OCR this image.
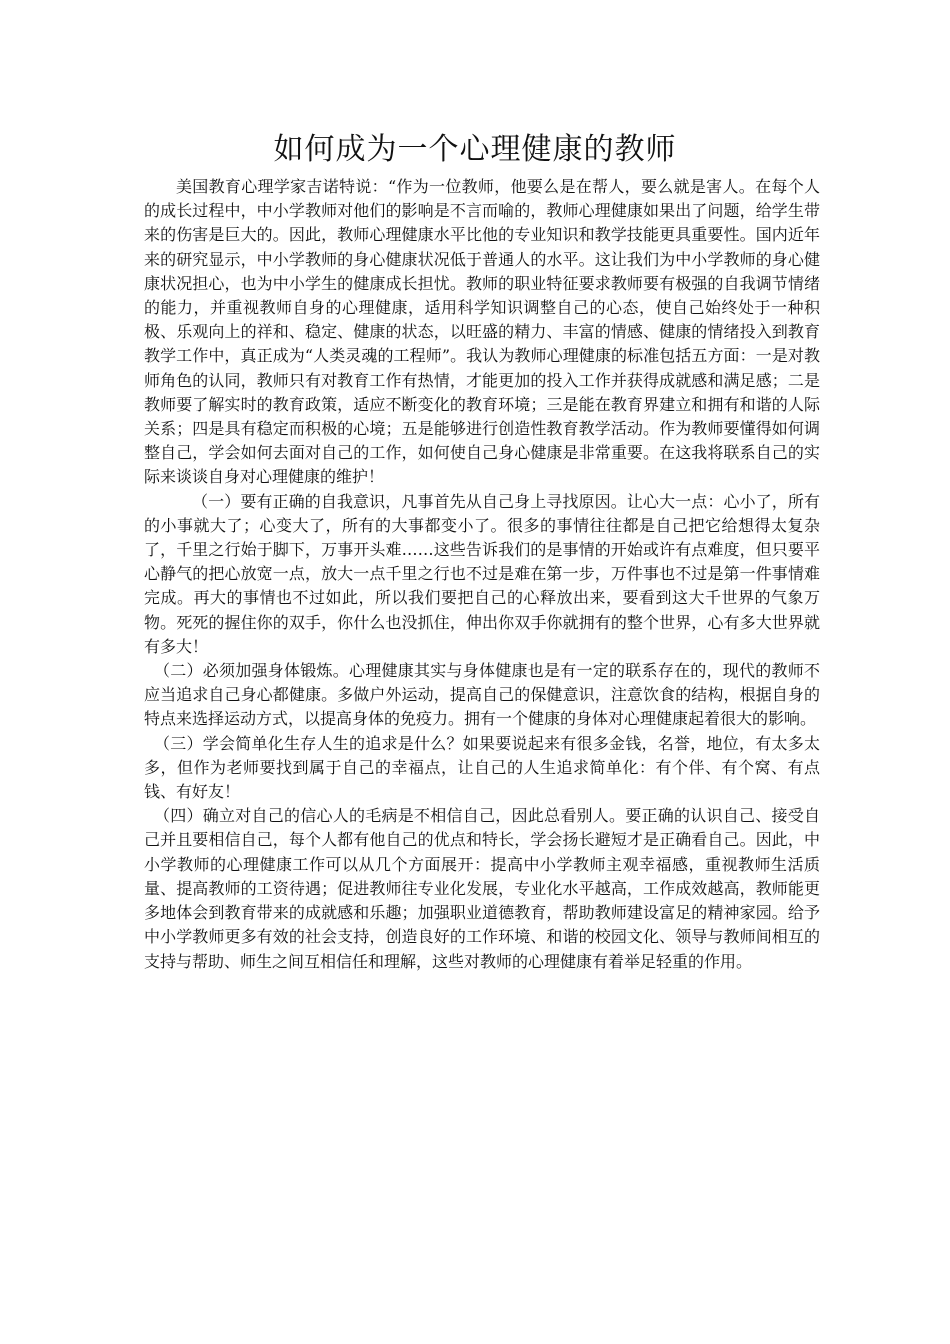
如何成为一个心理健康的教师

美国教育心理学家吉诺特说：“作为一位教师，他要么是在帮人，要么就是害人。在每个人的成长过程中，中小学教师对他们的影响是不言而喻的，教师心理健康如果出了问题，给学生带来的伤害是巨大的。因此，教师心理健康水平比他的专业知识和教学技能更具重要性。国内近年来的研究显示，中小学教师的身心健康状况低于普通人的水平。这让我们为中小学教师的身心健康状况担心，也为中小学生的健康成长担忧。教师的职业特征要求教师要有极强的自我调节情绪的能力，并重视教师自身的心理健康，适用科学知识调整自己的心态，使自己始终处于一种积极、乐观向上的祥和、稳定、健康的状态，以旺盛的精力、丰富的情感、健康的情绪投入到教育教学工作中，真正成为“人类灵魂的工程师”。我认为教师心理健康的标准包括五方面：一是对教师角色的认同，教师只有对教育工作有热情，才能更加的投入工作并获得成就感和满足感；二是教师要了解实时的教育政策，适应不断变化的教育环境；三是能在教育界建立和拥有和谐的人际关系；四是具有稳定而积极的心境；五是能够进行创造性教育教学活动。作为教师要懂得如何调整自己，学会如何去面对自己的工作，如何使自己身心健康是非常重要。在这我将联系自己的实际来谈谈自身对心理健康的维护！

（一）要有正确的自我意识，凡事首先从自己身上寻找原因。让心大一点：心小了，所有的小事就大了；心变大了，所有的大事都变小了。很多的事情往往都是自己把它给想得太复杂了，千里之行始于脚下，万事开头难……这些告诉我们的是事情的开始或许有点难度，但只要平心静气的把心放宽一点，放大一点千里之行也不过是难在第一步，万件事也不过是第一件事情难完成。再大的事情也不过如此，所以我们要把自己的心释放出来，要看到这大千世界的气象万物。死死的握住你的双手，你什么也没抓住，伸出你双手你就拥有的整个世界，心有多大世界就有多大！

（二）必须加强身体锻炼。心理健康其实与身体健康也是有一定的联系存在的，现代的教师不应当追求自己身心都健康。多做户外运动，提高自己的保健意识，注意饮食的结构，根据自身的特点来选择运动方式，以提高身体的免疫力。拥有一个健康的身体对心理健康起着很大的影响。

（三）学会简单化生存人生的追求是什么？如果要说起来有很多金钱，名誉，地位，有太多太多，但作为老师要找到属于自己的幸福点，让自己的人生追求简单化：有个伴、有个窝、有点钱、有好友！

（四）确立对自己的信心人的毛病是不相信自己，因此总看别人。要正确的认识自己、接受自己并且要相信自己，每个人都有他自己的优点和特长，学会扬长避短才是正确看自己。因此，中小学教师的心理健康工作可以从几个方面展开：提高中小学教师主观幸福感，重视教师生活质量、提高教师的工资待遇；促进教师往专业化发展，专业化水平越高，工作成效越高，教师能更多地体会到教育带来的成就感和乐趣；加强职业道德教育，帮助教师建设富足的精神家园。给予中小学教师更多有效的社会支持，创造良好的工作环境、和谐的校园文化、领导与教师间相互的支持与帮助、师生之间互相信任和理解，这些对教师的心理健康有着举足轻重的作用。
